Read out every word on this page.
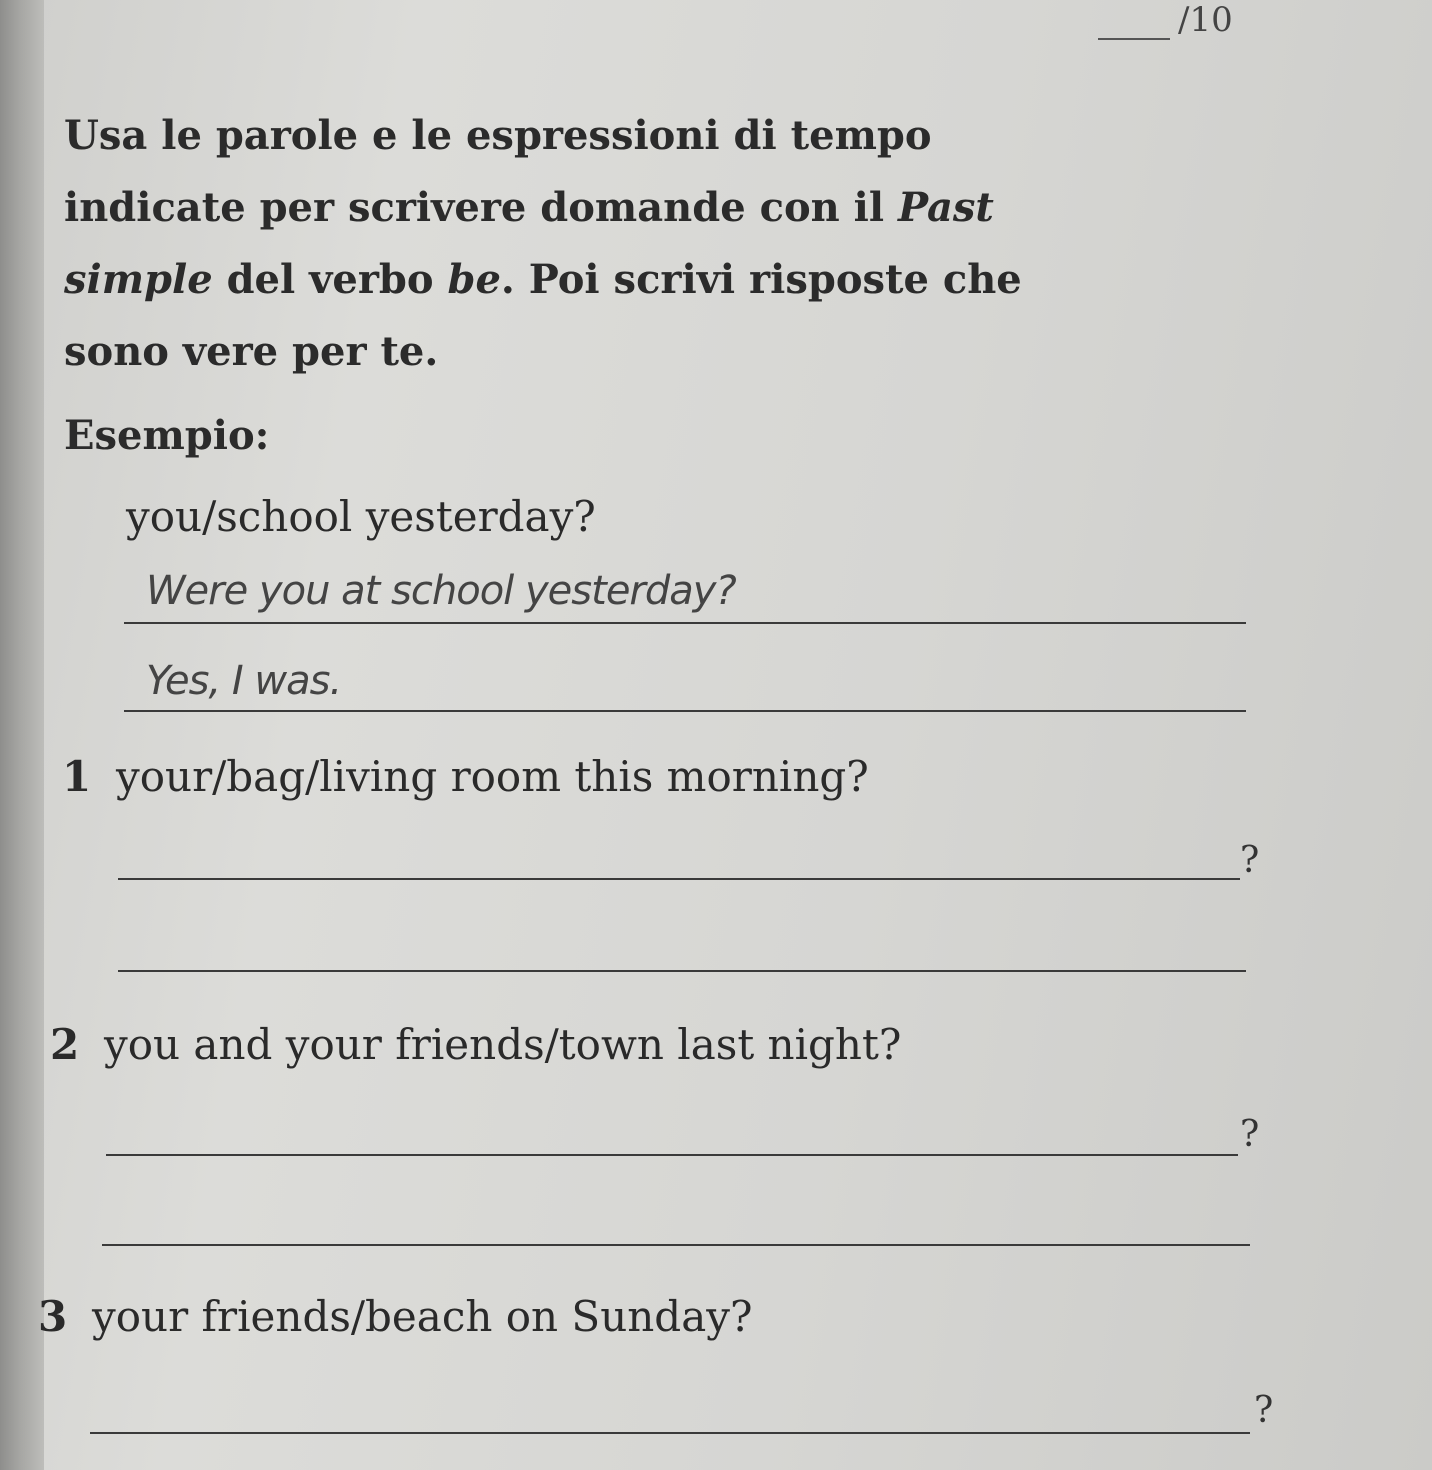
/10
Usa le parole e le espressioni di tempo
indicate per scrivere domande con il Past
simple del verbo be. Poi scrivi risposte che
sono vere per te.
Esempio:
you/school yesterday?
Were you at school yesterday?
Yes, I was.
1 your/bag/living room this morning?
?
2 you and your friends/town last night?
?
3 your friends/beach on Sunday?
?
